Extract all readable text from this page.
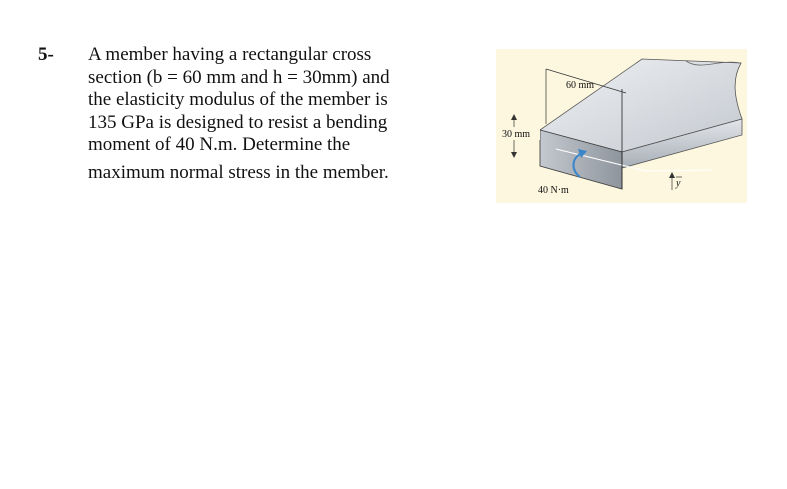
5- A member having a rectangular cross
section (b = 60 mm and h = 30mm) and
the elasticity modulus of the member is
135 GPa is designed to resist a bending
moment of 40 N.m. Determine the
maximum normal stress in the member.
60 mm
30 mm
40 N·m
y
